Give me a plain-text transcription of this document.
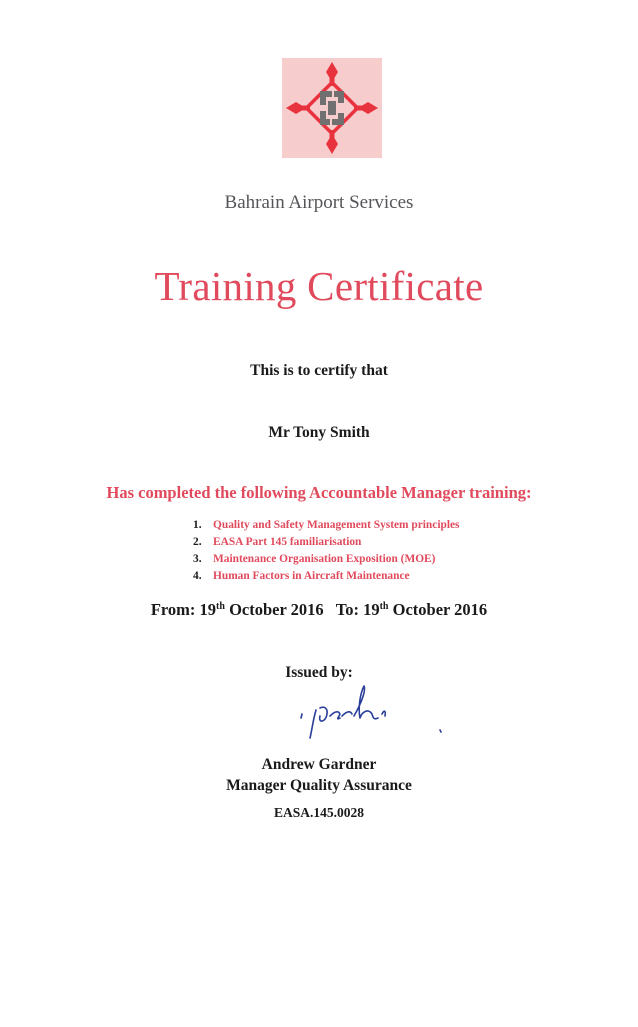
Bahrain Airport Services
Training Certificate
This is to certify that
Mr Tony Smith
Has completed the following Accountable Manager training:
1. Quality and Safety Management System principles
2. EASA Part 145 familiarisation
3. Maintenance Organisation Exposition (MOE)
4. Human Factors in Aircraft Maintenance
From: 19th October 2016 To: 19th October 2016
Issued by:
Andrew Gardner
Manager Quality Assurance
EASA.145.0028
